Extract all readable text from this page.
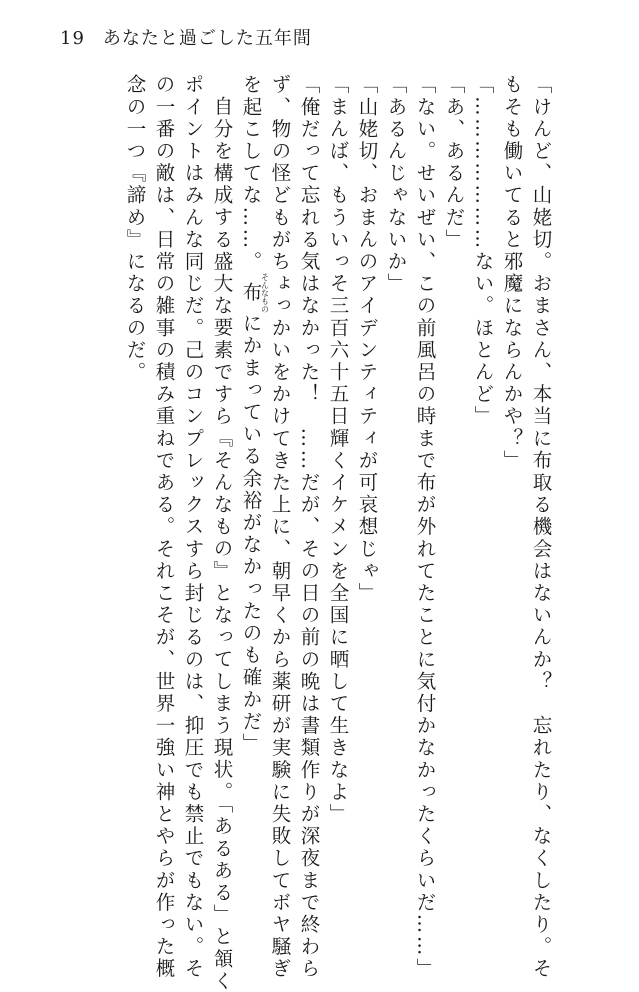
19 あなたと過ごした五年間
「けんど、山姥切。おまさん、本当に布取る機会はないんか？　忘れたり、なくしたり。そ
もそも働いてると邪魔にならんかや？」
「…………………ない。ほとんど」
「あ、あるんだ」
「ない。せいぜい、この前風呂の時まで布が外れてたことに気付かなかったくらいだ……」
「あるんじゃないか」
「山姥切、おまんのアイデンティティが可哀想じゃ」
「まんば、もういっそ三百六十五日輝くイケメンを全国に晒して生きなよ」
「俺だって忘れる気はなかった！　……だが、その日の前の晩は書類作りが深夜まで終わら
ず、物の怪どもがちょっかいをかけてきた上に、朝早くから薬研が実験に失敗してボヤ騒ぎ
を起こしてな……。布そんなものにかまっている余裕がなかったのも確かだ」
自分を構成する盛大な要素ですら『そんなもの』となってしまう現状。「あるある」と頷く
ポイントはみんな同じだ。己のコンプレックスすら封じるのは、抑圧でも禁止でもない。そ
の一番の敵は、日常の雑事の積み重ねである。それこそが、世界一強い神とやらが作った概
念の一つ『諦め』になるのだ。
